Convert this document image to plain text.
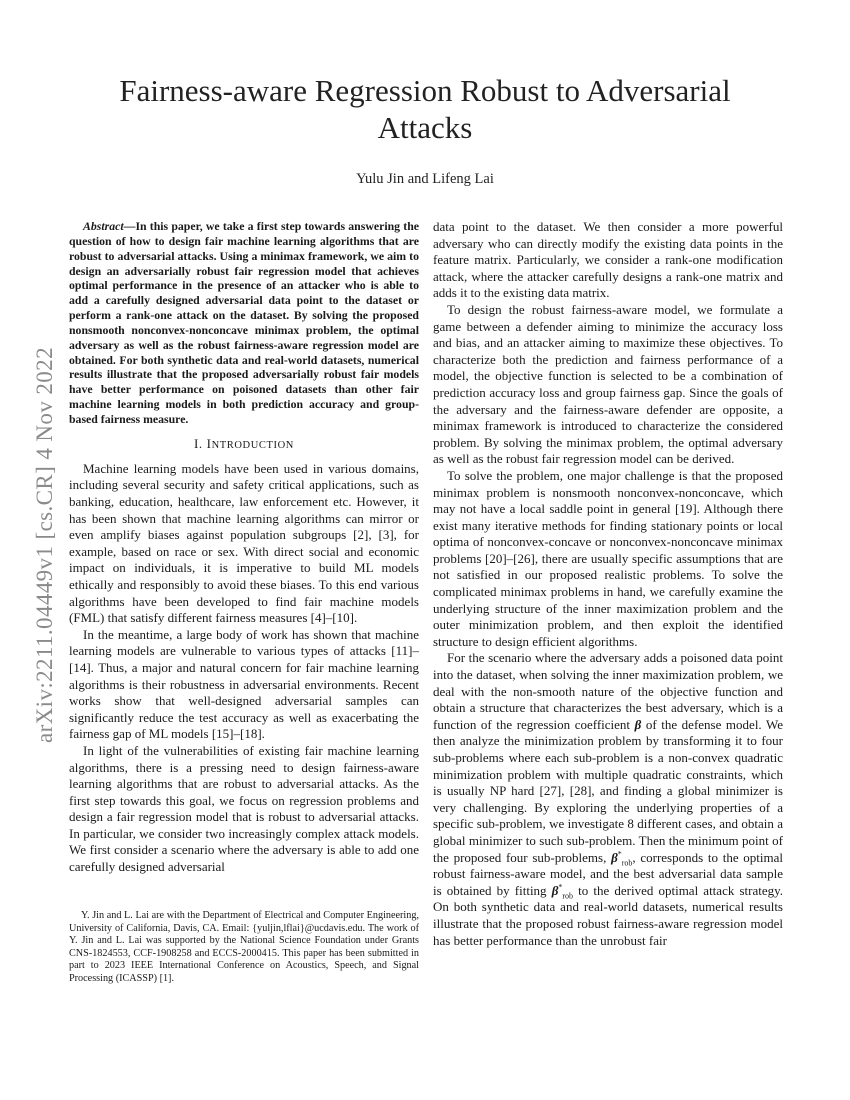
arXiv:2211.04449v1 [cs.CR] 4 Nov 2022
Fairness-aware Regression Robust to Adversarial
Attacks
Yulu Jin and Lifeng Lai

Abstract—In this paper, we take a first step towards answering the question of how to design fair machine learning algorithms that are robust to adversarial attacks. Using a minimax framework, we aim to design an adversarially robust fair regression model that achieves optimal performance in the presence of an attacker who is able to add a carefully designed adversarial data point to the dataset or perform a rank-one attack on the dataset. By solving the proposed nonsmooth nonconvex-nonconcave minimax problem, the optimal adversary as well as the robust fairness-aware regression model are obtained. For both synthetic data and real-world datasets, numerical results illustrate that the proposed adversarially robust fair models have better performance on poisoned datasets than other fair machine learning models in both prediction accuracy and group-based fairness measure.

I. INTRODUCTION

Machine learning models have been used in various domains, including several security and safety critical applications, such as banking, education, healthcare, law enforcement etc. However, it has been shown that machine learning algorithms can mirror or even amplify biases against population subgroups [2], [3], for example, based on race or sex. With direct social and economic impact on individuals, it is imperative to build ML models ethically and responsibly to avoid these biases. To this end various algorithms have been developed to find fair machine models (FML) that satisfy different fairness measures [4]–[10].

In the meantime, a large body of work has shown that machine learning models are vulnerable to various types of attacks [11]–[14]. Thus, a major and natural concern for fair machine learning algorithms is their robustness in adversarial environments. Recent works show that well-designed adversarial samples can significantly reduce the test accuracy as well as exacerbating the fairness gap of ML models [15]–[18].

In light of the vulnerabilities of existing fair machine learning algorithms, there is a pressing need to design fairness-aware learning algorithms that are robust to adversarial attacks. As the first step towards this goal, we focus on regression problems and design a fair regression model that is robust to adversarial attacks. In particular, we consider two increasingly complex attack models. We first consider a scenario where the adversary is able to add one carefully designed adversarial

Y. Jin and L. Lai are with the Department of Electrical and Computer Engineering, University of California, Davis, CA. Email: {yuljin,lflai}@ucdavis.edu. The work of Y. Jin and L. Lai was supported by the National Science Foundation under Grants CNS-1824553, CCF-1908258 and ECCS-2000415. This paper has been submitted in part to 2023 IEEE International Conference on Acoustics, Speech, and Signal Processing (ICASSP) [1].

data point to the dataset. We then consider a more powerful adversary who can directly modify the existing data points in the feature matrix. Particularly, we consider a rank-one modification attack, where the attacker carefully designs a rank-one matrix and adds it to the existing data matrix.

To design the robust fairness-aware model, we formulate a game between a defender aiming to minimize the accuracy loss and bias, and an attacker aiming to maximize these objectives. To characterize both the prediction and fairness performance of a model, the objective function is selected to be a combination of prediction accuracy loss and group fairness gap. Since the goals of the adversary and the fairness-aware defender are opposite, a minimax framework is introduced to characterize the considered problem. By solving the minimax problem, the optimal adversary as well as the robust fair regression model can be derived.

To solve the problem, one major challenge is that the proposed minimax problem is nonsmooth nonconvex-nonconcave, which may not have a local saddle point in general [19]. Although there exist many iterative methods for finding stationary points or local optima of nonconvex-concave or nonconvex-nonconcave minimax problems [20]–[26], there are usually specific assumptions that are not satisfied in our proposed realistic problems. To solve the complicated minimax problems in hand, we carefully examine the underlying structure of the inner maximization problem and the outer minimization problem, and then exploit the identified structure to design efficient algorithms.

For the scenario where the adversary adds a poisoned data point into the dataset, when solving the inner maximization problem, we deal with the non-smooth nature of the objective function and obtain a structure that characterizes the best adversary, which is a function of the regression coefficient β of the defense model. We then analyze the minimization problem by transforming it to four sub-problems where each sub-problem is a non-convex quadratic minimization problem with multiple quadratic constraints, which is usually NP hard [27], [28], and finding a global minimizer is very challenging. By exploring the underlying properties of a specific sub-problem, we investigate 8 different cases, and obtain a global minimizer to such sub-problem. Then the minimum point of the proposed four sub-problems, $\beta^*_{rob}$, corresponds to the optimal robust fairness-aware model, and the best adversarial data sample is obtained by fitting $\beta^*_{rob}$ to the derived optimal attack strategy. On both synthetic data and real-world datasets, numerical results illustrate that the proposed robust fairness-aware regression model has better performance than the unrobust fair
